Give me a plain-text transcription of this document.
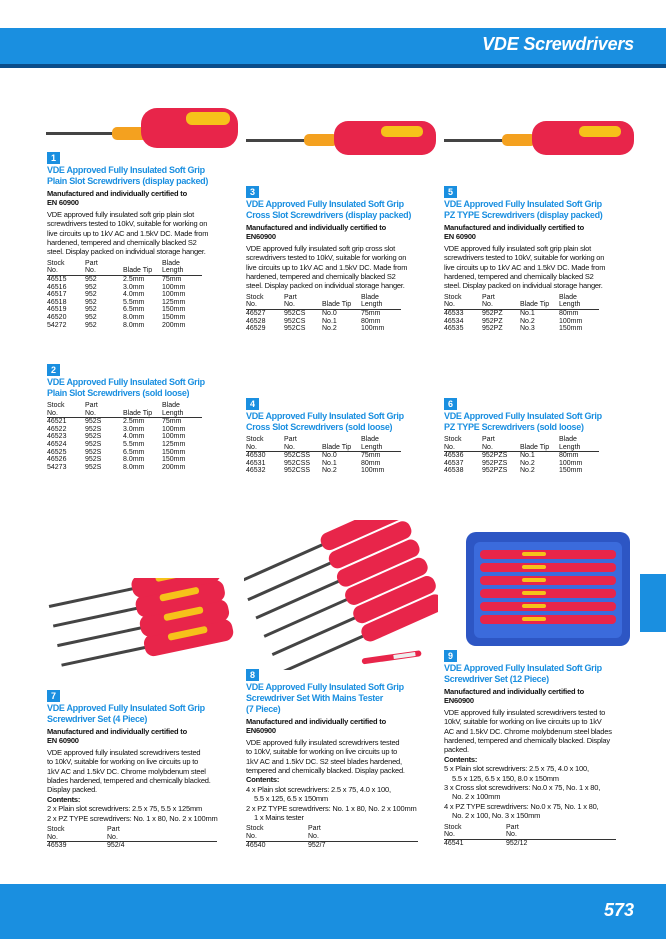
VDE Screwdrivers
1
VDE Approved Fully Insulated Soft Grip
Plain Slot Screwdrivers (display packed)
Manufactured and individually certified to
EN 60900
VDE approved fully insulated soft grip plain slot
screwdrivers tested to 10kV, suitable for working on
live circuits up to 1kV AC and 1.5kV DC. Made from
hardened, tempered and chemically blacked S2
steel. Display packed on individual storage hanger.
Stock
No.	Part
No.	Blade Tip	Blade
Length
46515	952	2.5mm	75mm
46516	952	3.0mm	100mm
46517	952	4.0mm	100mm
46518	952	5.5mm	125mm
46519	952	6.5mm	150mm
46520	952	8.0mm	150mm
54272	952	8.0mm	200mm
2
VDE Approved Fully Insulated Soft Grip
Plain Slot Screwdrivers (sold loose)
Stock
No.	Part
No.	Blade Tip	Blade
Length
46521	952S	2.5mm	75mm
46522	952S	3.0mm	100mm
46523	952S	4.0mm	100mm
46524	952S	5.5mm	125mm
46525	952S	6.5mm	150mm
46526	952S	8.0mm	150mm
54273	952S	8.0mm	200mm
3
VDE Approved Fully Insulated Soft Grip
Cross Slot Screwdrivers (display packed)
Manufactured and individually certified to
EN60900
VDE approved fully insulated soft grip cross slot
screwdrivers tested to 10kV, suitable for working on
live circuits up to 1kV AC and 1.5kV DC. Made from
hardened, tempered and chemically blacked S2
steel. Display packed on individual storage hanger.
Stock
No.	Part
No.	Blade Tip	Blade
Length
46527	952CS	No.0	75mm
46528	952CS	No.1	80mm
46529	952CS	No.2	100mm
4
VDE Approved Fully Insulated Soft Grip
Cross Slot Screwdrivers (sold loose)
Stock
No.	Part
No.	Blade Tip	Blade
Length
46530	952CSS	No.0	75mm
46531	952CSS	No.1	80mm
46532	952CSS	No.2	100mm
5
VDE Approved Fully Insulated Soft Grip
PZ TYPE Screwdrivers (display packed)
Manufactured and individually certified to
EN 60900
VDE approved fully insulated soft grip plain slot
screwdrivers tested to 10kV, suitable for working on
live circuits up to 1kV AC and 1.5kV DC. Made from
hardened, tempered and chemically blacked S2
steel. Display packed on individual storage hanger.
Stock
No.	Part
No.	Blade Tip	Blade
Length
46533	952PZ	No.1	80mm
46534	952PZ	No.2	100mm
46535	952PZ	No.3	150mm
6
VDE Approved Fully Insulated Soft Grip
PZ TYPE Screwdrivers (sold loose)
Stock
No.	Part
No.	Blade Tip	Blade
Length
46536	952PZS	No.1	80mm
46537	952PZS	No.2	100mm
46538	952PZS	No.2	150mm
7
VDE Approved Fully Insulated Soft Grip
Screwdriver Set (4 Piece)
Manufactured and individually certified to
EN 60900
VDE approved fully insulated screwdrivers tested
to 10kV, suitable for working on live circuits up to
1kV AC and 1.5kV DC. Chrome molybdenum steel
blades hardened, tempered and chemically blacked.
Display packed.
Contents:
2 x Plain slot screwdrivers: 2.5 x 75, 5.5 x 125mm
2 x PZ TYPE screwdrivers: No. 1 x 80, No. 2 x 100mm
Stock
No.	Part
No.
46539	952/4
8
VDE Approved Fully Insulated Soft Grip
Screwdriver Set With Mains Tester
(7 Piece)
Manufactured and individually certified to
EN60900
VDE approved fully insulated screwdrivers tested
to 10kV, suitable for working on live circuits up to
1kV AC and 1.5kV DC. S2 steel blades hardened,
tempered and chemically blacked. Display packed.
Contents:
4 x Plain slot screwdrivers: 2.5 x 75, 4.0 x 100,
5.5 x 125, 6.5 x 150mm
2 x PZ TYPE screwdrivers: No. 1 x 80, No. 2 x 100mm
1 x Mains tester
Stock
No.	Part
No.
46540	952/7
9
VDE Approved Fully Insulated Soft Grip
Screwdriver Set (12 Piece)
Manufactured and individually certified to
EN60900
VDE approved fully insulated screwdrivers tested to
10kV, suitable for working on live circuits up to 1kV
AC and 1.5kV DC. Chrome molybdenum steel blades
hardened, tempered and chemically blacked. Display
packed.
Contents:
5 x Plain slot screwdrivers: 2.5 x 75, 4.0 x 100,
5.5 x 125, 6.5 x 150, 8.0 x 150mm
3 x Cross slot screwdrivers: No.0 x 75, No. 1 x 80,
No. 2 x 100mm
4 x PZ TYPE screwdrivers: No.0 x 75, No. 1 x 80,
No. 2 x 100, No. 3 x 150mm
Stock
No.	Part
No.
46541	952/12
573
